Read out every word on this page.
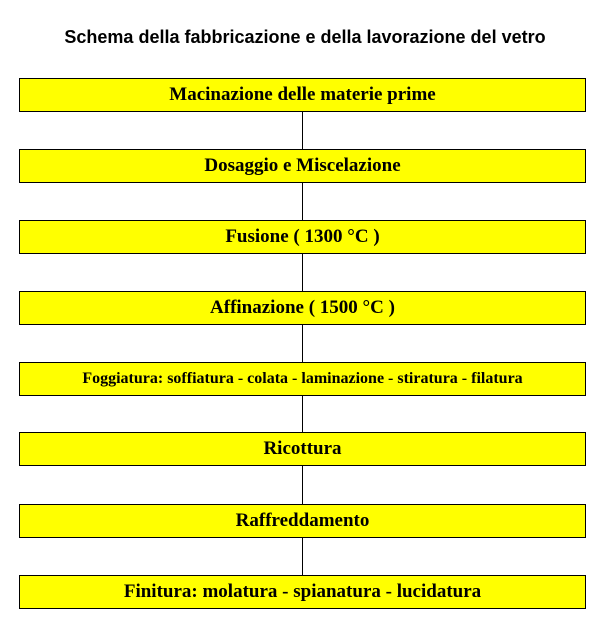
Schema della fabbricazione e della lavorazione del vetro
Macinazione delle materie prime
Dosaggio e Miscelazione
Fusione ( 1300 °C )
Affinazione ( 1500 °C )
Foggiatura: soffiatura - colata - laminazione - stiratura - filatura
Ricottura
Raffreddamento
Finitura: molatura - spianatura - lucidatura
